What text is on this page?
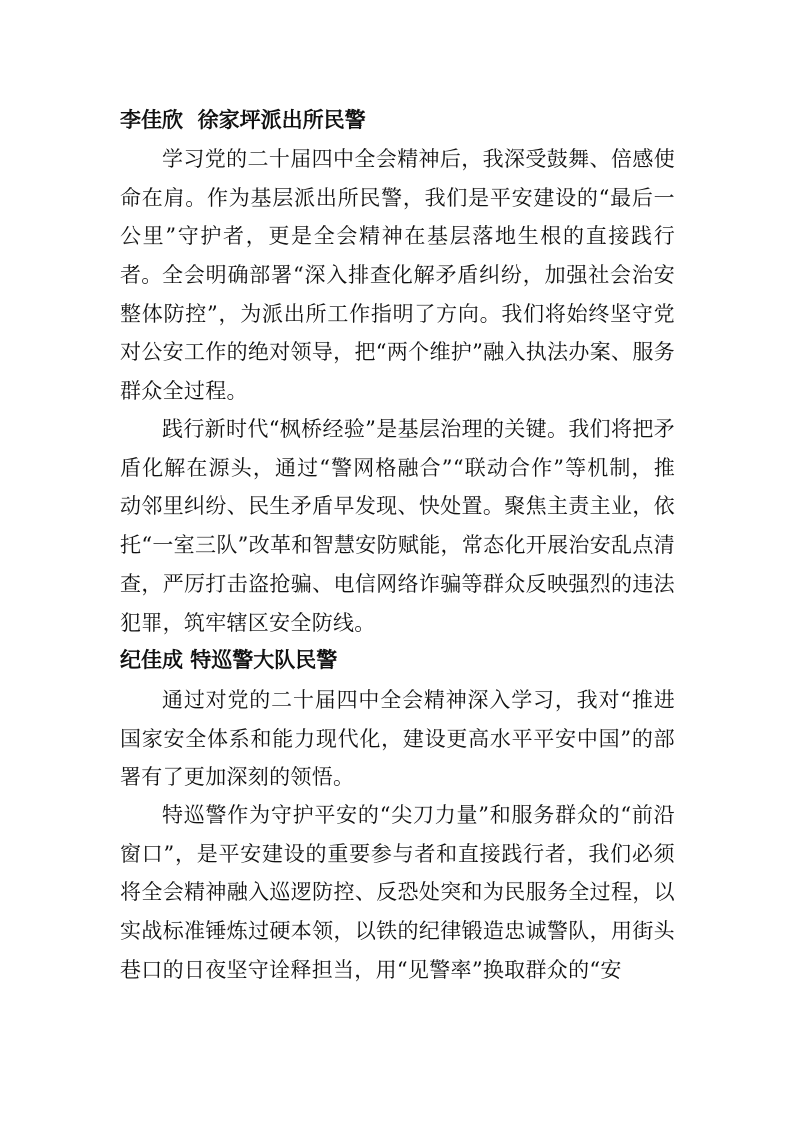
李佳欣  徐家坪派出所民警

学习党的二十届四中全会精神后，我深受鼓舞、倍感使命在肩。作为基层派出所民警，我们是平安建设的“最后一公里”守护者，更是全会精神在基层落地生根的直接践行者。 全会明确部署“深入排查化解矛盾纠纷，加强社会治安整体防控”，为派出所工作指明了方向。我们将始终坚守党对公安工作的绝对领导，把“两个维护”融入执法办案、服务群众全过程。

践行新时代“枫桥经验”是基层治理的关键。我们将把矛盾化解在源头，通过“警网格融合”“联动合作”等机制，推动邻里纠纷、民生矛盾早发现、快处置。聚焦主责主业，依托“一室三队”改革和智慧安防赋能，常态化开展治安乱点清查，严厉打击盗抢骗、电信网络诈骗等群众反映强烈的违法犯罪，筑牢辖区安全防线。

纪佳成 特巡警大队民警

通过对党的二十届四中全会精神深入学习，我对“推进国家安全体系和能力现代化，建设更高水平平安中国”的部署有了更加深刻的领悟。

特巡警作为守护平安的“尖刀力量”和服务群众的“前沿窗口”，是平安建设的重要参与者和直接践行者，我们必须将全会精神融入巡逻防控、反恐处突和为民服务全过程，以实战标准锤炼过硬本领，以铁的纪律锻造忠诚警队，用街头巷口的日夜坚守诠释担当，用“见警率”换取群众的“安
